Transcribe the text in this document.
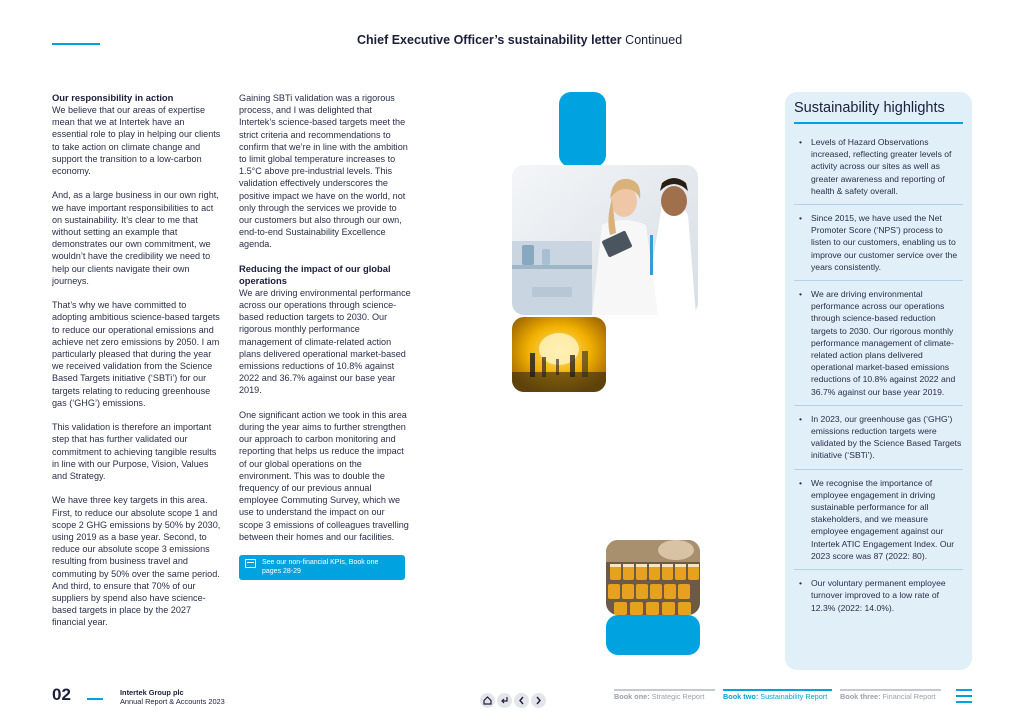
Chief Executive Officer’s sustainability letter Continued
Our responsibility in action

We believe that our areas of expertise mean that we at Intertek have an essential role to play in helping our clients to take action on climate change and support the transition to a low-carbon economy.

And, as a large business in our own right, we have important responsibilities to act on sustainability. It’s clear to me that without setting an example that demonstrates our own commitment, we wouldn’t have the credibility we need to help our clients navigate their own journeys.

That’s why we have committed to adopting ambitious science-based targets to reduce our operational emissions and achieve net zero emissions by 2050. I am particularly pleased that during the year we received validation from the Science Based Targets initiative (‘SBTi’) for our targets relating to reducing greenhouse gas (‘GHG’) emissions.

This validation is therefore an important step that has further validated our commitment to achieving tangible results in line with our Purpose, Vision, Values and Strategy.

We have three key targets in this area. First, to reduce our absolute scope 1 and scope 2 GHG emissions by 50% by 2030, using 2019 as a base year. Second, to reduce our absolute scope 3 emissions resulting from business travel and commuting by 50% over the same period. And third, to ensure that 70% of our suppliers by spend also have science-based targets in place by the 2027 financial year.

Gaining SBTi validation was a rigorous process, and I was delighted that Intertek’s science-based targets meet the strict criteria and recommendations to confirm that we’re in line with the ambition to limit global temperature increases to 1.5°C above pre-industrial levels. This validation effectively underscores the positive impact we have on the world, not only through the services we provide to our customers but also through our own, end-to-end Sustainability Excellence agenda.

Reducing the impact of our global operations

We are driving environmental performance across our operations through science-based reduction targets to 2030. Our rigorous monthly performance management of climate-related action plans delivered operational market-based emissions reductions of 10.8% against 2022 and 36.7% against our base year 2019.

One significant action we took in this area during the year aims to further strengthen our approach to carbon monitoring and reporting that helps us reduce the impact of our global operations on the environment. This was to double the frequency of our previous annual employee Commuting Survey, which we use to understand the impact on our scope 3 emissions of colleagues travelling between their homes and our facilities.

See our non-financial KPIs, Book one pages 28-29
Sustainability highlights
• Levels of Hazard Observations increased, reflecting greater levels of activity across our sites as well as greater awareness and reporting of health & safety overall.
• Since 2015, we have used the Net Promoter Score (‘NPS’) process to listen to our customers, enabling us to improve our customer service over the years consistently.
• We are driving environmental performance across our operations through science-based reduction targets to 2030. Our rigorous monthly performance management of climate-related action plans delivered operational market-based emissions reductions of 10.8% against 2022 and 36.7% against our base year 2019.
• In 2023, our greenhouse gas (‘GHG’) emissions reduction targets were validated by the Science Based Targets initiative (‘SBTi’).
• We recognise the importance of employee engagement in driving sustainable performance for all stakeholders, and we measure employee engagement against our Intertek ATIC Engagement Index. Our 2023 score was 87 (2022: 80).
• Our voluntary permanent employee turnover improved to a low rate of 12.3% (2022: 14.0%).
02	Intertek Group plc
Annual Report & Accounts 2023
Book one: Strategic Report	Book two: Sustainability Report	Book three: Financial Report
